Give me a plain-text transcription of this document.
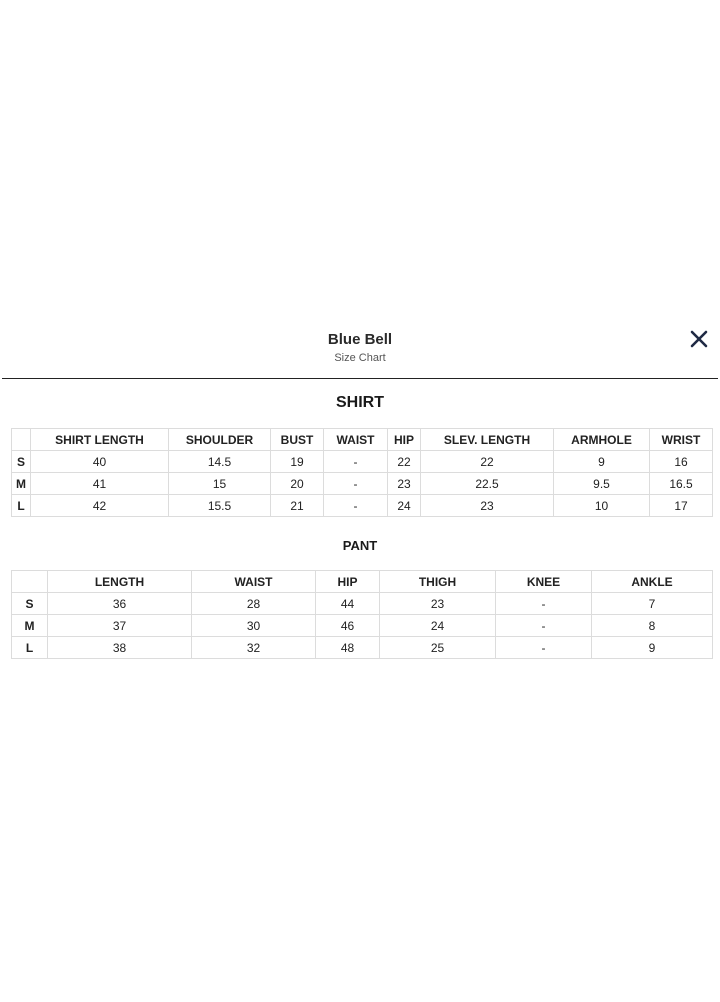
Blue Bell
Size Chart
SHIRT
	SHIRT LENGTH	SHOULDER	BUST	WAIST	HIP	SLEV. LENGTH	ARMHOLE	WRIST
S	40	14.5	19	-	22	22	9	16
M	41	15	20	-	23	22.5	9.5	16.5
L	42	15.5	21	-	24	23	10	17
PANT
	LENGTH	WAIST	HIP	THIGH	KNEE	ANKLE
S	36	28	44	23	-	7
M	37	30	46	24	-	8
L	38	32	48	25	-	9
